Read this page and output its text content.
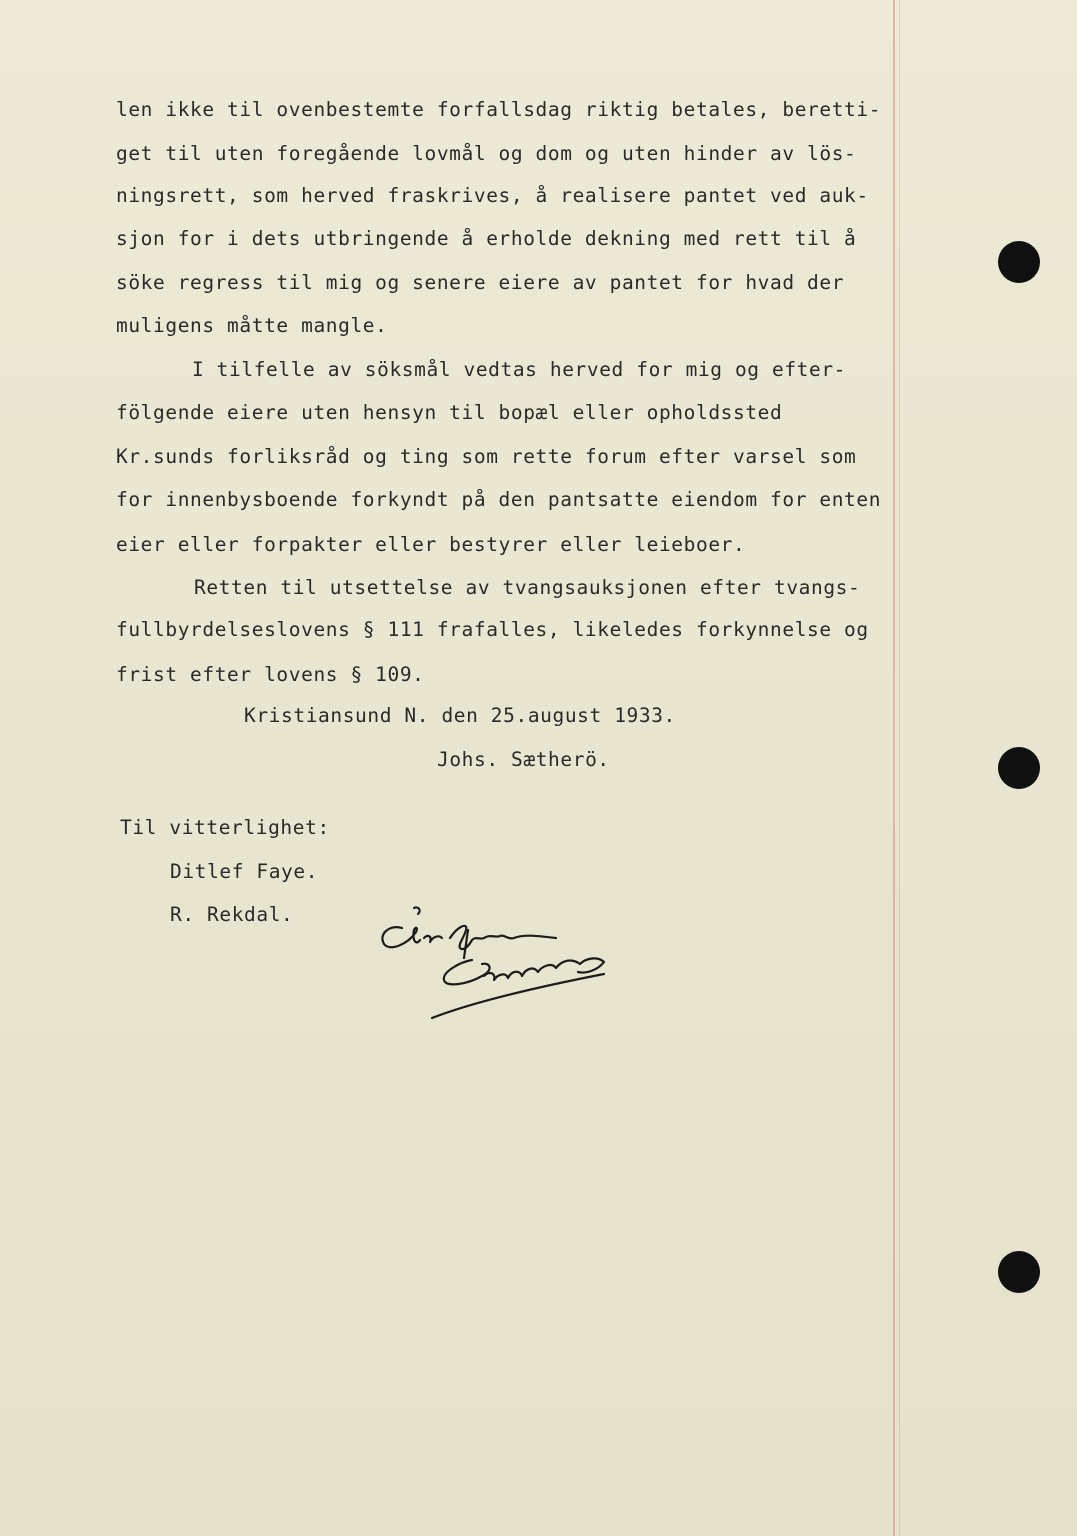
len ikke til ovenbestemte forfallsdag riktig betales, beretti-
get til uten foregående lovmål og dom og uten hinder av lös-
ningsrett, som herved fraskrives, å realisere pantet ved auk-
sjon for i dets utbringende å erholde dekning med rett til å
söke regress til mig og senere eiere av pantet for hvad der
muligens måtte mangle.
I tilfelle av söksmål vedtas herved for mig og efter-
fölgende eiere uten hensyn til bopæl eller opholdssted
Kr.sunds forliksråd og ting som rette forum efter varsel som
for innenbysboende forkyndt på den pantsatte eiendom for enten
eier eller forpakter eller bestyrer eller leieboer.
Retten til utsettelse av tvangsauksjonen efter tvangs-
fullbyrdelseslovens § 111 frafalles, likeledes forkynnelse og
frist efter lovens § 109.
Kristiansund N. den 25.august 1933.
Johs. Sætherö.
Til vitterlighet:
Ditlef Faye.
R. Rekdal.
